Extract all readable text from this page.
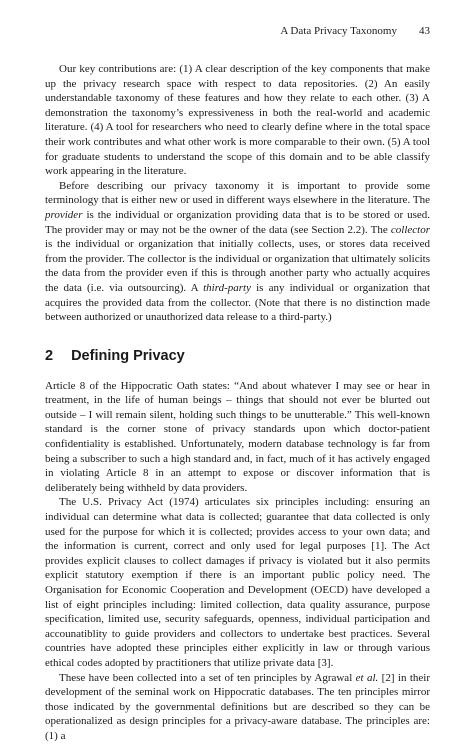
A Data Privacy Taxonomy 43

Our key contributions are: (1) A clear description of the key components that make up the privacy research space with respect to data repositories. (2) An easily understandable taxonomy of these features and how they relate to each other. (3) A demonstration the taxonomy’s expressiveness in both the real-world and academic literature. (4) A tool for researchers who need to clearly define where in the total space their work contributes and what other work is more comparable to their own. (5) A tool for graduate students to understand the scope of this domain and to be able classify work appearing in the literature.

Before describing our privacy taxonomy it is important to provide some terminology that is either new or used in different ways elsewhere in the literature. The provider is the individual or organization providing data that is to be stored or used. The provider may or may not be the owner of the data (see Section 2.2). The collector is the individual or organization that initially collects, uses, or stores data received from the provider. The collector is the individual or organization that ultimately solicits the data from the provider even if this is through another party who actually acquires the data (i.e. via outsourcing). A third-party is any individual or organization that acquires the provided data from the collector. (Note that there is no distinction made between authorized or unauthorized data release to a third-party.)

2 Defining Privacy

Article 8 of the Hippocratic Oath states: “And about whatever I may see or hear in treatment, in the life of human beings – things that should not ever be blurted out outside – I will remain silent, holding such things to be unutterable.” This well-known standard is the corner stone of privacy standards upon which doctor-patient confidentiality is established. Unfortunately, modern database technology is far from being a subscriber to such a high standard and, in fact, much of it has actively engaged in violating Article 8 in an attempt to expose or discover information that is deliberately being withheld by data providers.

The U.S. Privacy Act (1974) articulates six principles including: ensuring an individual can determine what data is collected; guarantee that data collected is only used for the purpose for which it is collected; provides access to your own data; and the information is current, correct and only used for legal purposes [1]. The Act provides explicit clauses to collect damages if privacy is violated but it also permits explicit statutory exemption if there is an important public policy need. The Organisation for Economic Cooperation and Development (OECD) have developed a list of eight principles including: limited collection, data quality assurance, purpose specification, limited use, security safeguards, openness, individual participation and accounatiblity to guide providers and collectors to undertake best practices. Several countries have adopted these principles either explicitly in law or through various ethical codes adopted by practitioners that utilize private data [3].

These have been collected into a set of ten principles by Agrawal et al. [2] in their development of the seminal work on Hippocratic databases. The ten principles mirror those indicated by the governmental definitions but are described so they can be operationalized as design principles for a privacy-aware database. The principles are: (1) a
